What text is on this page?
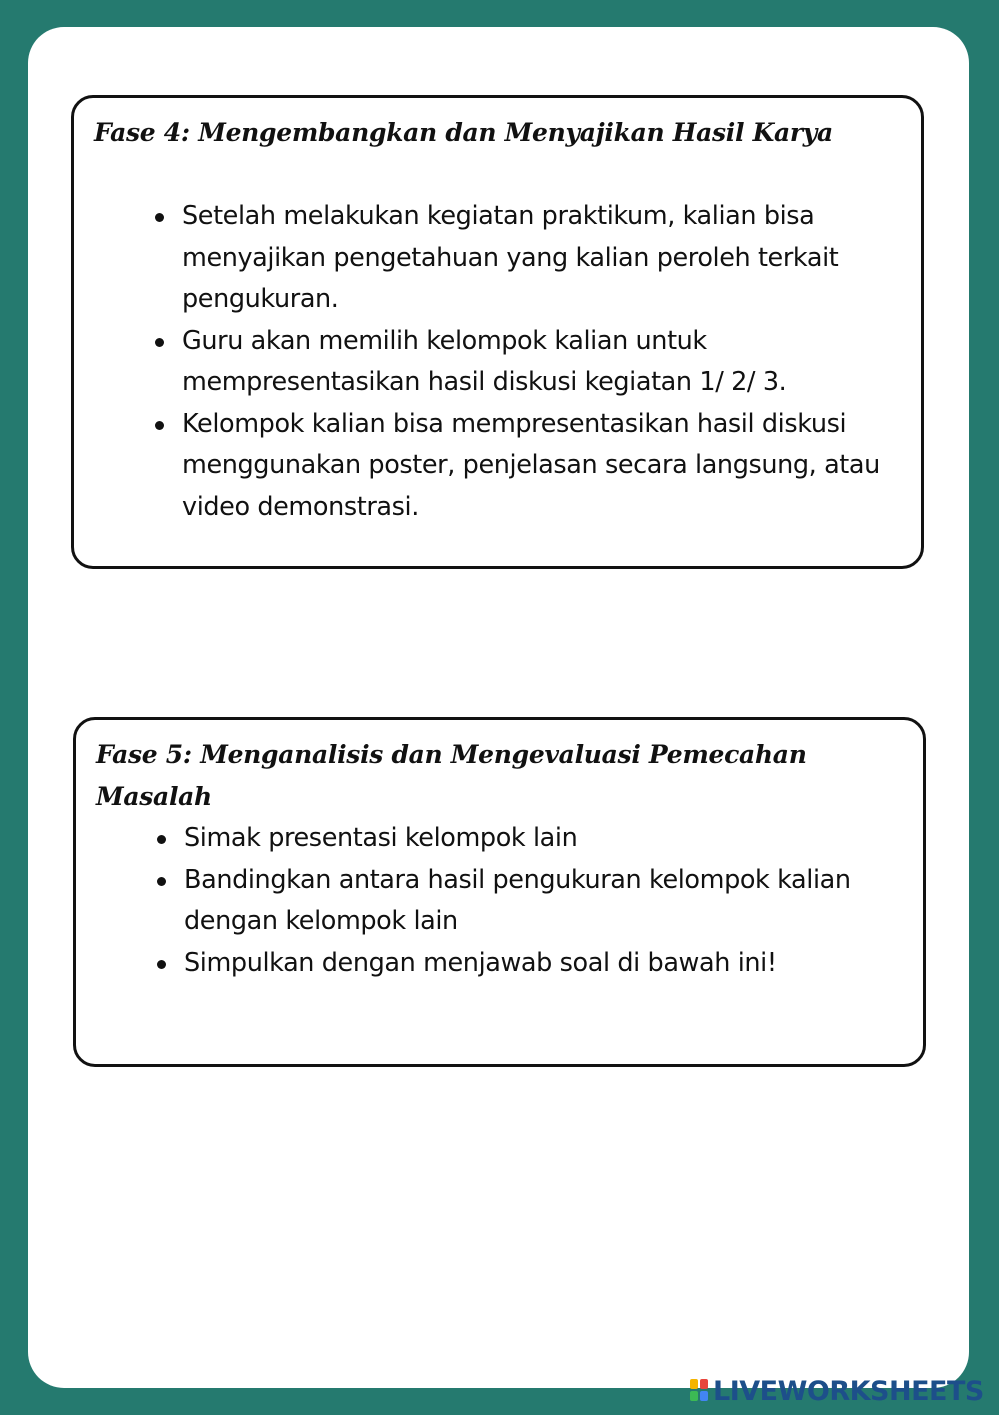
Fase 4: Mengembangkan dan Menyajikan Hasil Karya
Setelah melakukan kegiatan praktikum, kalian bisa menyajikan pengetahuan yang kalian peroleh terkait pengukuran.
Guru akan memilih kelompok kalian untuk mempresentasikan hasil diskusi kegiatan 1/ 2/ 3.
Kelompok kalian bisa mempresentasikan hasil diskusi menggunakan poster, penjelasan secara langsung, atau video demonstrasi.
Fase 5: Menganalisis dan Mengevaluasi Pemecahan Masalah
Simak presentasi kelompok lain
Bandingkan antara hasil pengukuran kelompok kalian dengan kelompok lain
Simpulkan dengan menjawab soal di bawah ini!
LIVEWORKSHEETS
